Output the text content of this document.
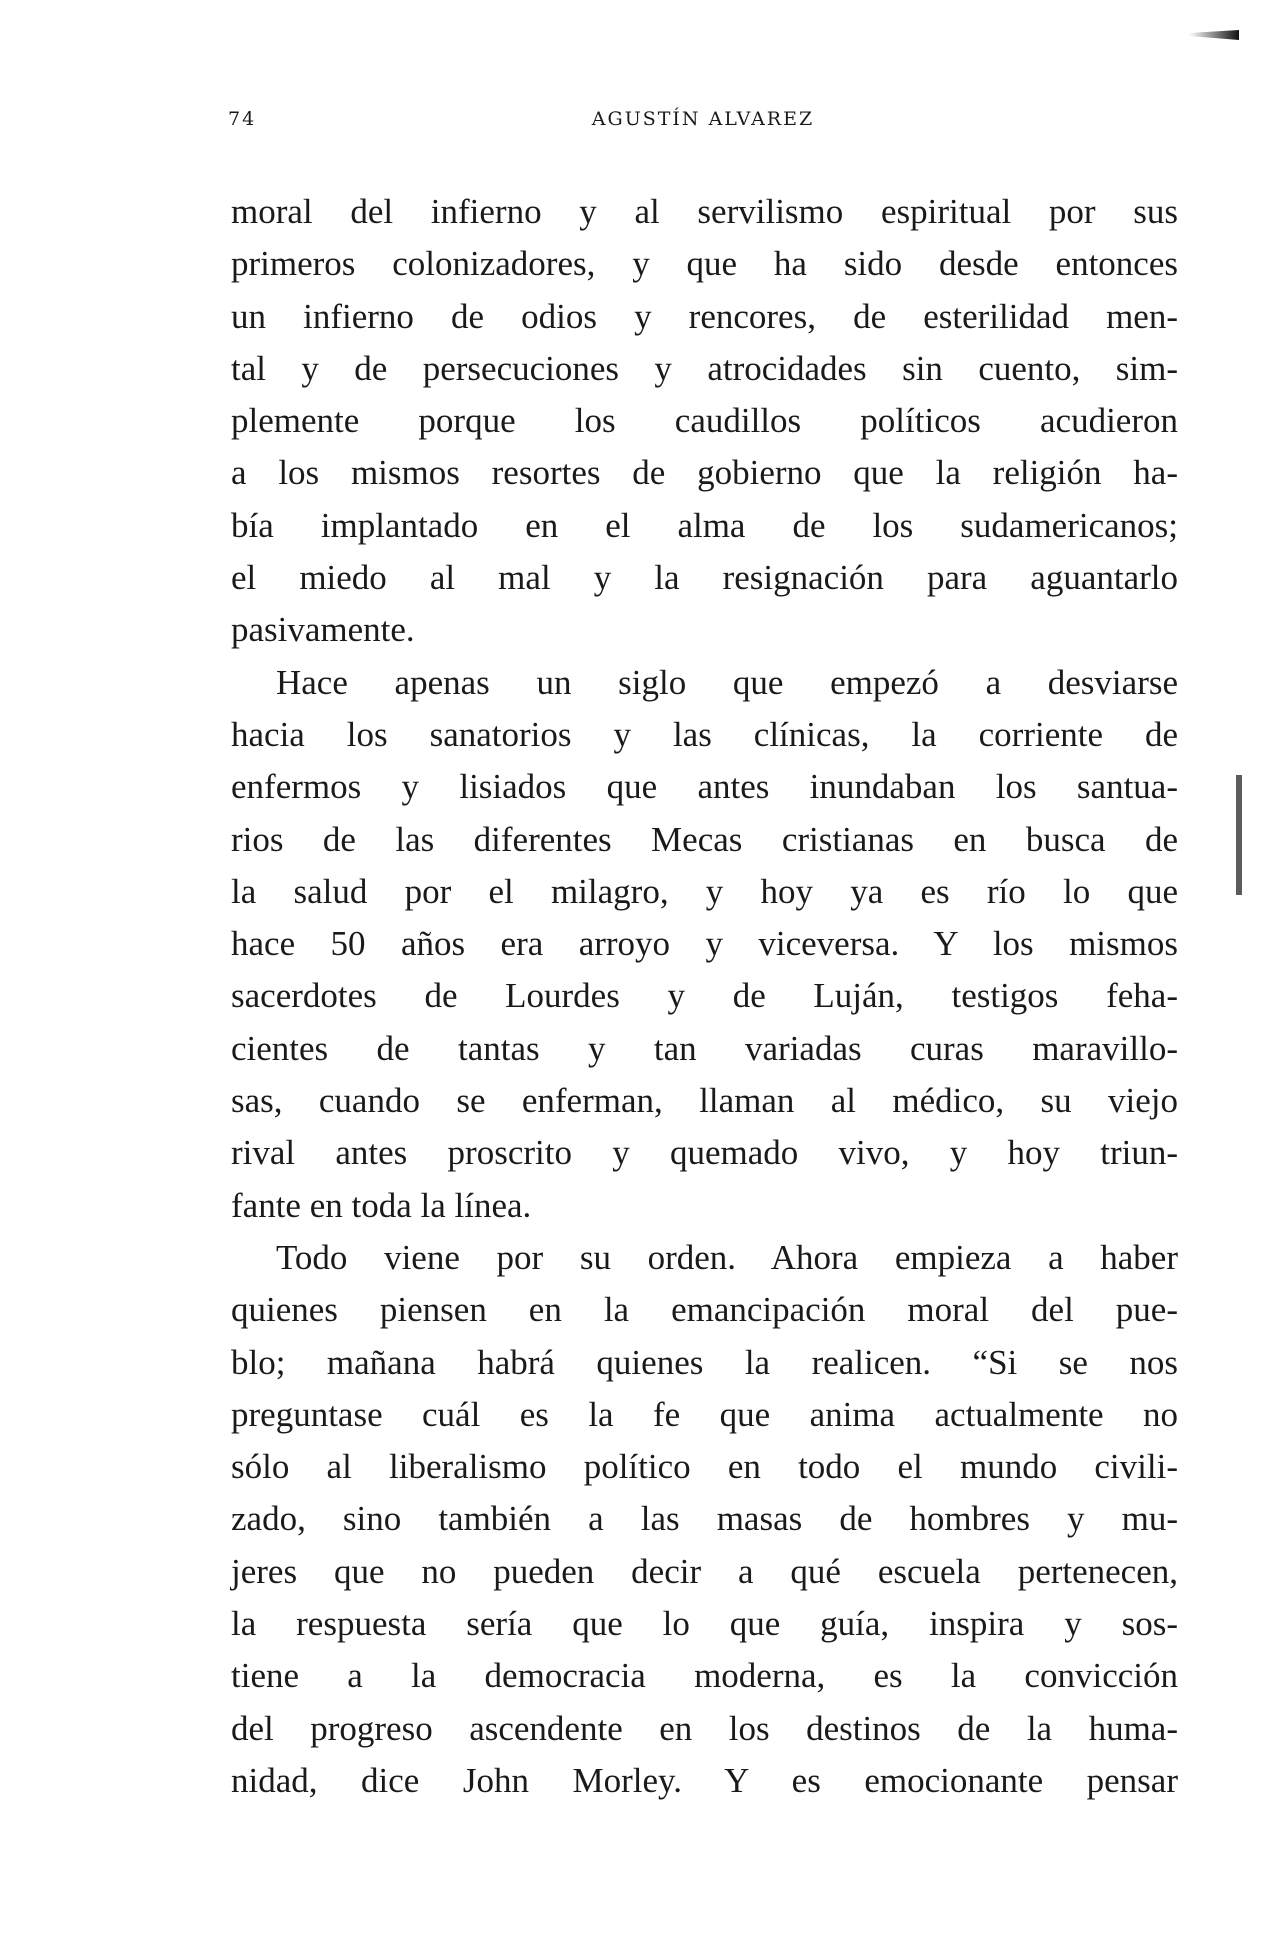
74	AGUSTÍN ALVAREZ
moral del infierno y al servilismo espiritual por sus
primeros colonizadores, y que ha sido desde entonces
un infierno de odios y rencores, de esterilidad men-
tal y de persecuciones y atrocidades sin cuento, sim-
plemente porque los caudillos políticos acudieron
a los mismos resortes de gobierno que la religión ha-
bía implantado en el alma de los sudamericanos;
el miedo al mal y la resignación para aguantarlo
pasivamente.
Hace apenas un siglo que empezó a desviarse
hacia los sanatorios y las clínicas, la corriente de
enfermos y lisiados que antes inundaban los santua-
rios de las diferentes Mecas cristianas en busca de
la salud por el milagro, y hoy ya es río lo que
hace 50 años era arroyo y viceversa. Y los mismos
sacerdotes de Lourdes y de Luján, testigos feha-
cientes de tantas y tan variadas curas maravillo-
sas, cuando se enferman, llaman al médico, su viejo
rival antes proscrito y quemado vivo, y hoy triun-
fante en toda la línea.
Todo viene por su orden. Ahora empieza a haber
quienes piensen en la emancipación moral del pue-
blo; mañana habrá quienes la realicen. “Si se nos
preguntase cuál es la fe que anima actualmente no
sólo al liberalismo político en todo el mundo civili-
zado, sino también a las masas de hombres y mu-
jeres que no pueden decir a qué escuela pertenecen,
la respuesta sería que lo que guía, inspira y sos-
tiene a la democracia moderna, es la convicción
del progreso ascendente en los destinos de la huma-
nidad, dice John Morley. Y es emocionante pensar
